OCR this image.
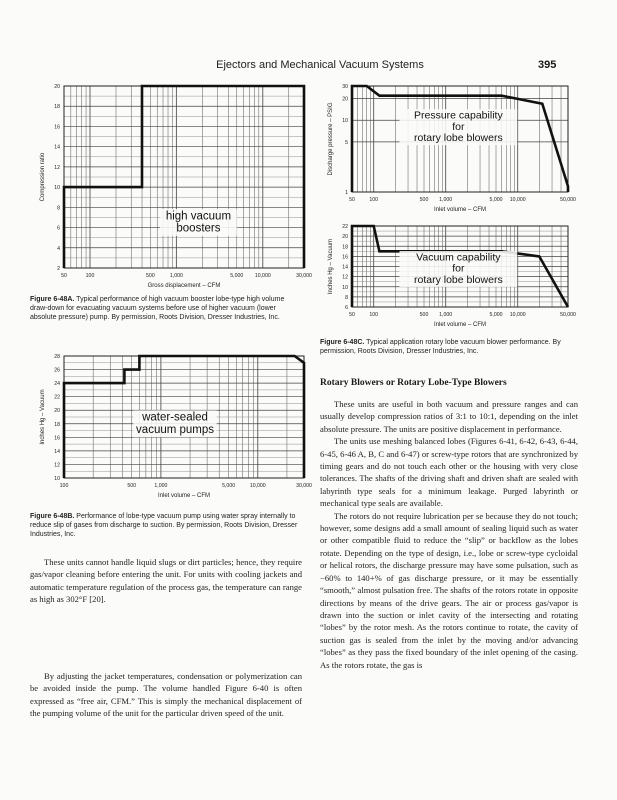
Ejectors and Mechanical Vacuum Systems	395
50	100	500	1,000	5,000 10,000	30,000
2
4
6
8
10
12
14
16
18
20
Gross displacement – CFM
Compression ratio
high vacuum
boosters
Figure 6-48A. Typical performance of high vacuum booster lobe-type high volume draw-down for evacuating vacuum systems before use of higher vacuum (lower absolute pressure) pump. By permission, Roots Division, Dresser Industries, Inc.
100	500	1,000	5,000	10,000	30,000
10
12
14
16
18
20
22
24
26
28
Inlet volume – CFM
Inches Hg – Vacuum	water-sealed
vacuum pumps
Figure 6-48B. Performance of lobe-type vacuum pump using water spray internally to reduce slip of gases from discharge to suction. By permission, Roots Division, Dresser Industries, Inc.
50	100	500 1,000	5,000 10,000	50,000
1
5
10
20
30
Inlet volume – CFM
Discharge pressure – PSIG	Pressure capability
for
rotary lobe blowers
50	100	500 1,000	5,000 10,000	50,000
6
8
10
12
14
16
18
20
22
Inlet volume – CFM
Inches Hg – Vacuum	Vacuum capability
for
rotary lobe blowers
Figure 6-48C. Typical application rotary lobe vacuum blower performance. By permission, Roots Division, Dresser Industries, Inc.
Rotary Blowers or Rotary Lobe-Type Blowers

These units are useful in both vacuum and pressure ranges and can usually develop compression ratios of 3:1 to 10:1, depending on the inlet absolute pressure. The units are positive displacement in performance.

The units use meshing balanced lobes (Figures 6-41, 6-42, 6-43, 6-44, 6-45, 6-46 A, B, C and 6-47) or screw-type rotors that are synchronized by timing gears and do not touch each other or the housing with very close tolerances. The shafts of the driving shaft and driven shaft are sealed with labyrinth type seals for a minimum leakage. Purged labyrinth or mechanical type seals are available.

The rotors do not require lubrication per se because they do not touch; however, some designs add a small amount of sealing liquid such as water or other compatible fluid to reduce the “slip” or backflow as the lobes rotate. Depending on the type of design, i.e., lobe or screw-type cycloidal or helical rotors, the discharge pressure may have some pulsation, such as −60% to 140+% of gas discharge pressure, or it may be essentially “smooth,” almost pulsation free. The shafts of the rotors rotate in opposite directions by means of the drive gears. The air or process gas/vapor is drawn into the suction or inlet cavity of the intersecting and rotating “lobes” by the rotor mesh. As the rotors continue to rotate, the cavity of suction gas is sealed from the inlet by the moving and/or advancing “lobes” as they pass the fixed boundary of the inlet opening of the casing. As the rotors rotate, the gas is

These units cannot handle liquid slugs or dirt particles; hence, they require gas/vapor cleaning before entering the unit. For units with cooling jackets and automatic temperature regulation of the process gas, the temperature can range as high as 302°F [20].

By adjusting the jacket temperatures, condensation or polymerization can be avoided inside the pump. The volume handled Figure 6-40 is often expressed as “free air, CFM.” This is simply the mechanical displacement of the pumping volume of the unit for the particular driven speed of the unit.
